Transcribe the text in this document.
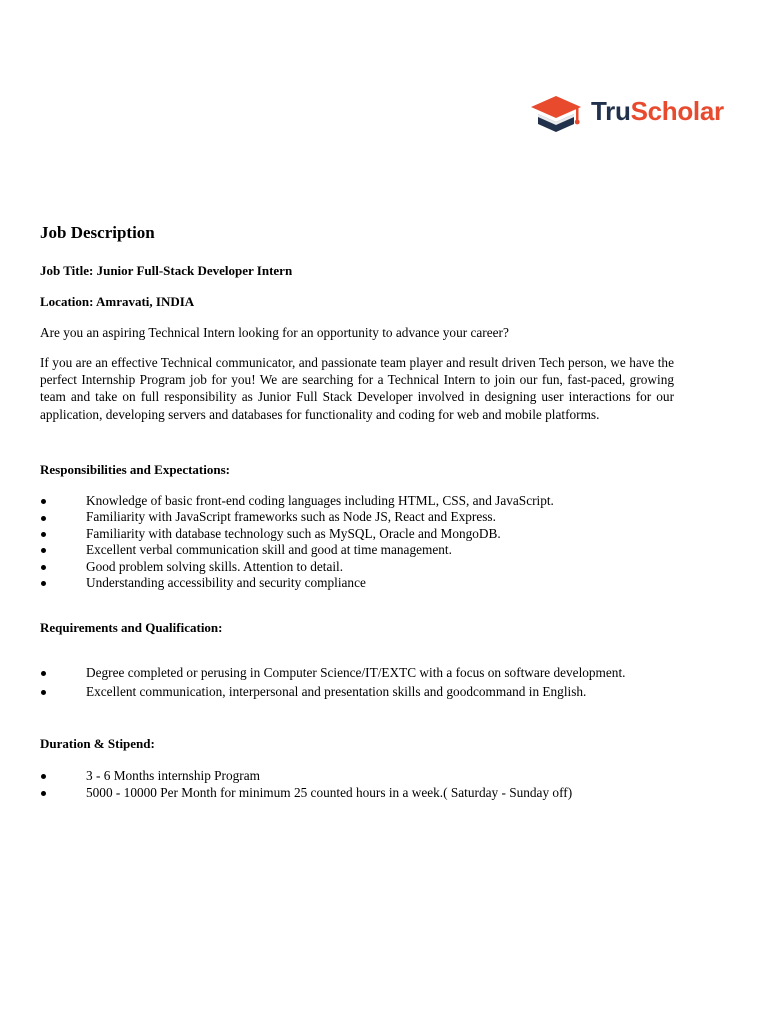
TruScholar
Job Description
Job Title: Junior Full-Stack Developer Intern
Location: Amravati, INDIA
Are you an aspiring Technical Intern looking for an opportunity to advance your career?
If you are an effective Technical communicator, and passionate team player and result driven Tech person, we have the perfect Internship Program job for you! We are searching for a Technical Intern to join our fun, fast-paced, growing team and take on full responsibility as Junior Full Stack Developer involved in designing user interactions for our application, developing servers and databases for functionality and coding for web and mobile platforms.
Responsibilities and Expectations:
Knowledge of basic front-end coding languages including HTML, CSS, and JavaScript.
Familiarity with JavaScript frameworks such as Node JS, React and Express.
Familiarity with database technology such as MySQL, Oracle and MongoDB.
Excellent verbal communication skill and good at time management.
Good problem solving skills. Attention to detail.
Understanding accessibility and security compliance
Requirements and Qualification:
Degree completed or perusing in Computer Science/IT/EXTC with a focus on software development.
Excellent communication, interpersonal and presentation skills and goodcommand in English.
Duration & Stipend:
3 - 6 Months internship Program
5000 - 10000 Per Month for minimum 25 counted hours in a week.( Saturday - Sunday off)
